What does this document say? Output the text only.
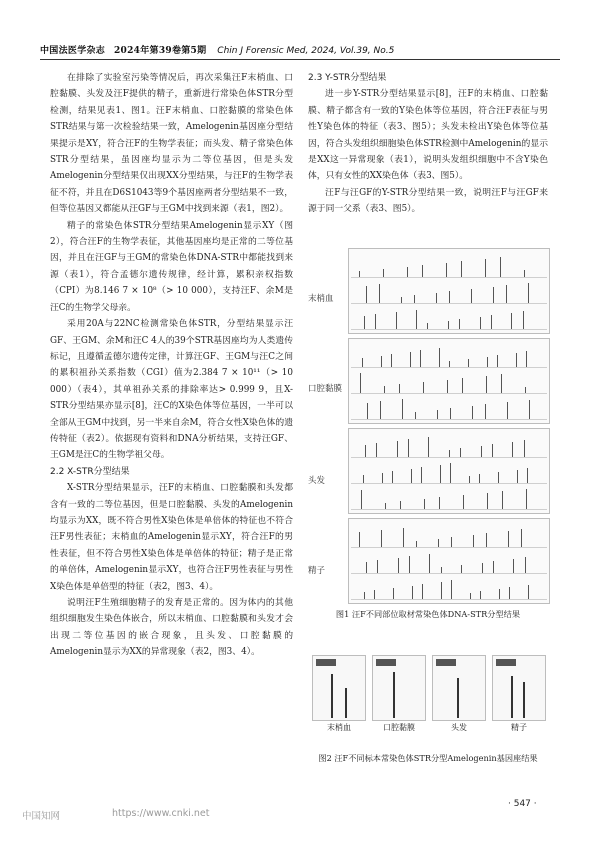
中国法医学杂志 2024年第39卷第5期 Chin J Forensic Med, 2024, Vol.39, No.5

在排除了实验室污染等情况后，再次采集汪F末梢血、口腔黏膜、头发及汪F提供的精子，重新进行常染色体STR分型检测，结果见表1、图1。汪F末梢血、口腔黏膜的常染色体STR结果与第一次检验结果一致，Amelogenin基因座分型结果提示是XY，符合汪F的生物学表征；而头发、精子常染色体STR分型结果，虽因座均显示为二等位基因，但是头发Amelogenin分型结果仅出现XX分型结果，与汪F的生物学表征不符，并且在D6S1043等9个基因座两者分型结果不一致，但等位基因又都能从汪GF与王GM中找到来源（表1，图2）。

精子的常染色体STR分型结果Amelogenin显示XY（图2），符合汪F的生物学表征，其他基因座均是正常的二等位基因，并且在汪GF与王GM的常染色体DNA-STR中都能找到来源（表1），符合孟德尔遗传规律，经计算，累积亲权指数（CPI）为8.146 7 × 10⁸（> 10 000），支持汪F、余M是汪C的生物学父母亲。

采用20A与22NC检测常染色体STR，分型结果显示汪GF、王GM、余M和汪C 4人的39个STR基因座均为人类遗传标记，且遵循孟德尔遗传定律，计算汪GF、王GM与汪C之间的累积祖孙关系指数（CGI）值为2.384 7 × 10¹¹（> 10 000）（表4），其单祖孙关系的排除率达> 0.999 9，且X-STR分型结果亦显示[8]，汪C的X染色体等位基因，一半可以全部从王GM中找到，另一半来自余M，符合女性X染色体的遗传特征（表2）。依据现有资料和DNA分析结果，支持汪GF、王GM是汪C的生物学祖父母。

2.2 X-STR分型结果

X-STR分型结果显示，汪F的末梢血、口腔黏膜和头发都含有一致的二等位基因，但是口腔黏膜、头发的Amelogenin均显示为XX，既不符合男性X染色体是单倍体的特征也不符合汪F男性表征；末梢血的Amelogenin显示XY，符合汪F的男性表征，但不符合男性X染色体是单倍体的特征；精子是正常的单倍体，Amelogenin显示XY，也符合汪F男性表征与男性X染色体是单倍型的特征（表2，图3、4）。

说明汪F生殖细胞精子的发育是正常的。因为体内的其他组织细胞发生染色体嵌合，所以末梢血、口腔黏膜和头发才会出现二等位基因的嵌合现象，且头发、口腔黏膜的Amelogenin显示为XX的异常现象（表2，图3、4）。

2.3 Y-STR分型结果

进一步Y-STR分型结果显示[8]，汪F的末梢血、口腔黏膜、精子都含有一致的Y染色体等位基因，符合汪F表征与男性Y染色体的特征（表3、图5）；头发未检出Y染色体等位基因，符合头发组织细胞染色体STR检测中Amelogenin的显示是XX这一异常现象（表1），说明头发组织细胞中不含Y染色体，只有女性的XX染色体（表3、图5）。

汪F与汪GF的Y-STR分型结果一致，说明汪F与汪GF来源于同一父系（表3、图5）。

末梢血
口腔黏膜
头发
精子
图1 汪F不同部位取材常染色体DNA-STR分型结果
末梢血	口腔黏膜	头发	精子
图2 汪F不同标本常染色体STR分型Amelogenin基因座结果
· 547 ·
中国知网	https://www.cnki.net
